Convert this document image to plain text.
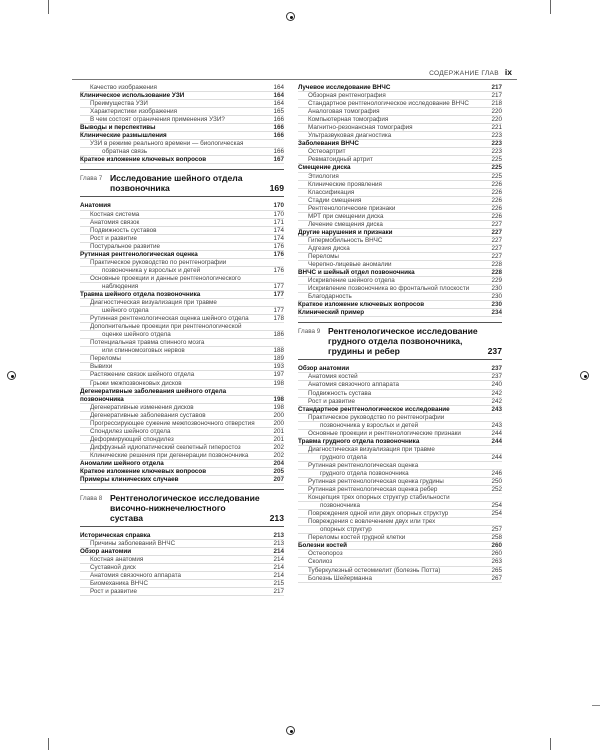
СОДЕРЖАНИЕ ГЛАВ ix
Качество изображения	164
Клиническое использование УЗИ	164
Преимущества УЗИ	164
Характеристики изображения	165
В чем состоят ограничения применения УЗИ?	166
Выводы и перспективы	166
Клинические размышления	166
УЗИ в режиме реального времени — биологическая
обратная связь	166
Краткое изложение ключевых вопросов	167
Глава 7 Исследование шейного отдела позвоночника	169
Анатомия	170
Костная система	170
Анатомия связок	171
Подвижность суставов	174
Рост и развитие	174
Постуральное развитие	176
Рутинная рентгенологическая оценка	176
Практическое руководство по рентгенографии
позвоночника у взрослых и детей	176
Основные проекции и данные рентгенологического
наблюдения	177
Травма шейного отдела позвоночника	177
Диагностическая визуализация при травме
шейного отдела	177
Рутинная рентгенологическая оценка шейного отдела	178
Дополнительные проекции при рентгенологической
оценке шейного отдела	186
Потенциальная травма спинного мозга
или спинномозговых нервов	188
Переломы	189
Вывихи	193
Растяжение связок шейного отдела	197
Грыжи межпозвонковых дисков	198
Дегенеративные заболевания шейного отдела
позвоночника	198
Дегенеративные изменения дисков	198
Дегенеративные заболевания суставов	200
Прогрессирующее сужение межпозвоночного отверстия	200
Спондилез шейного отдела	201
Деформирующий спондилез	201
Диффузный идиопатический скелетный гиперостоз	202
Клинические решения при дегенерации позвоночника	202
Аномалии шейного отдела	204
Краткое изложение ключевых вопросов	205
Примеры клинических случаев	207
Глава 8 Рентгенологическое исследование височно-нижнечелюстного сустава	213
Историческая справка	213
Причины заболеваний ВНЧС	213
Обзор анатомии	214
Костная анатомия	214
Суставной диск	214
Анатомия связочного аппарата	214
Биомеханика ВНЧС	215
Рост и развитие	217
Лучевое исследование ВНЧС	217
Обзорная рентгенография	217
Стандартное рентгенологическое исследование ВНЧС	218
Аналоговая томография	220
Компьютерная томография	220
Магнитно-резонансная томография	221
Ультразвуковая диагностика	223
Заболевания ВНЧС	223
Остеоартрит	223
Ревматоидный артрит	225
Смещение диска	225
Этиология	225
Клинические проявления	226
Классификация	226
Стадии смещения	226
Рентгенологические признаки	226
МРТ при смещении диска	226
Лечение смещения диска	227
Другие нарушения и признаки	227
Гипермобильность ВНЧС	227
Адгезия диска	227
Переломы	227
Черепно-лицевые аномалии	228
ВНЧС и шейный отдел позвоночника	228
Искривление шейного отдела	229
Искривление позвоночника во фронтальной плоскости	230
Благодарность	230
Краткое изложение ключевых вопросов	230
Клинический пример	234
Глава 9 Рентгенологическое исследование грудного отдела позвоночника, грудины и ребер	237
Обзор анатомии	237
Анатомия костей	237
Анатомия связочного аппарата	240
Подвижность сустава	242
Рост и развитие	242
Стандартное рентгенологическое исследование	243
Практическое руководство по рентгенографии
позвоночника у взрослых и детей	243
Основные проекции и рентгенологические признаки	244
Травма грудного отдела позвоночника	244
Диагностическая визуализация при травме
грудного отдела	244
Рутинная рентгенологическая оценка
грудного отдела позвоночника	246
Рутинная рентгенологическая оценка грудины	250
Рутинная рентгенологическая оценка ребер	252
Концепция трех опорных структур стабильности
позвоночника	254
Повреждения одной или двух опорных структур	254
Повреждения с вовлечением двух или трех
опорных структур	257
Переломы костей грудной клетки	258
Болезни костей	260
Остеопороз	260
Сколиоз	263
Туберкулезный остеомиелит (болезнь Потта)	265
Болезнь Шейерманна	267
